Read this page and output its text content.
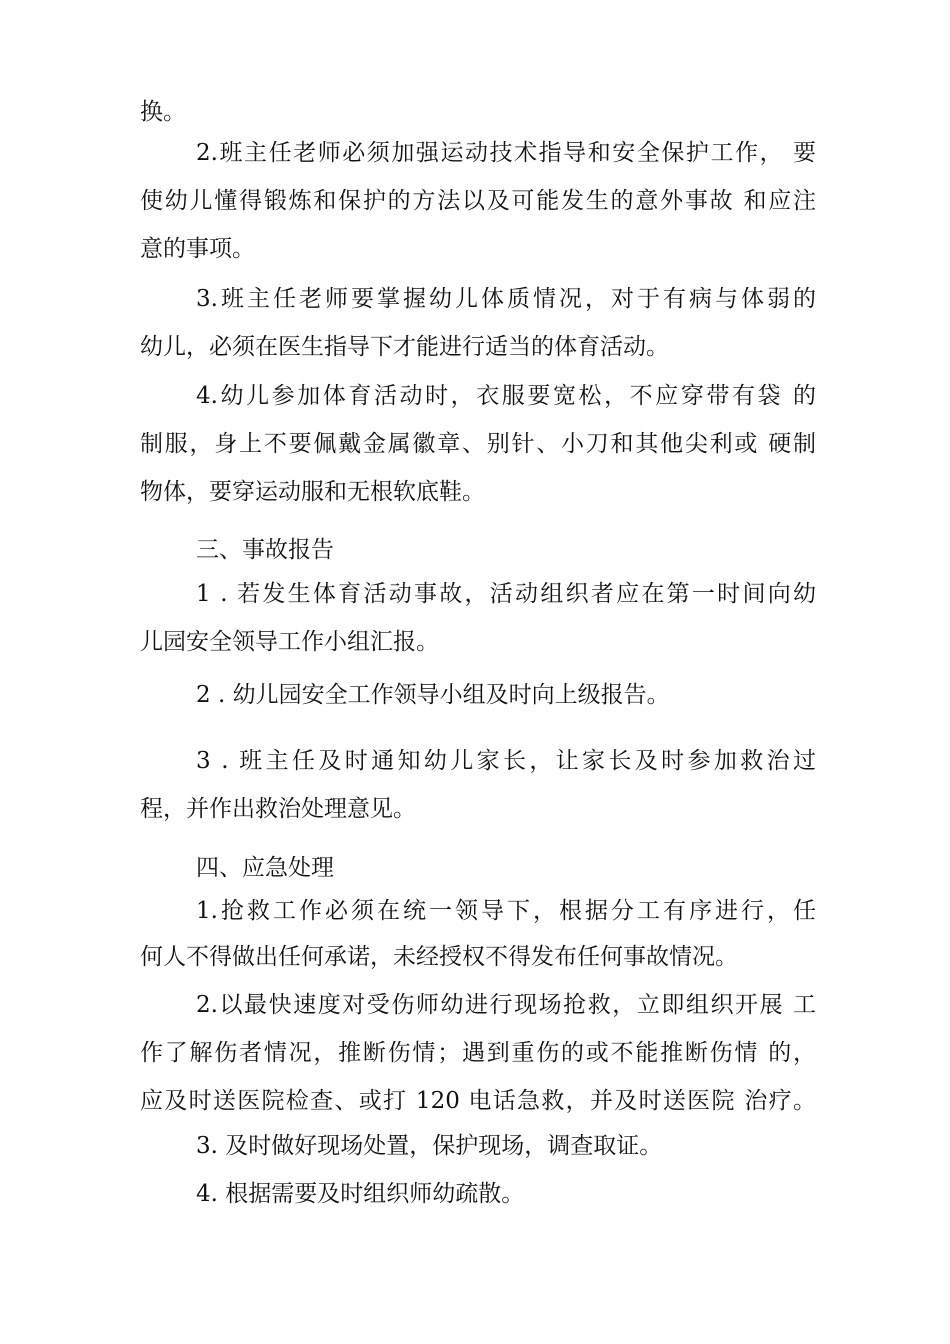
换。
2.班主任老师必须加强运动技术指导和安全保护工作， 要
使幼儿懂得锻炼和保护的方法以及可能发生的意外事故 和应注
意的事项。
3.班主任老师要掌握幼儿体质情况，对于有病与体弱的
幼儿，必须在医生指导下才能进行适当的体育活动。
4.幼儿参加体育活动时，衣服要宽松，不应穿带有袋 的
制服，身上不要佩戴金属徽章、别针、小刀和其他尖利或 硬制
物体，要穿运动服和无根软底鞋。
三、事故报告
1 . 若发生体育活动事故，活动组织者应在第一时间向幼
儿园安全领导工作小组汇报。
2 . 幼儿园安全工作领导小组及时向上级报告。
3 . 班主任及时通知幼儿家长，让家长及时参加救治过
程，并作出救治处理意见。
四、应急处理
1.抢救工作必须在统一领导下，根据分工有序进行，任
何人不得做出任何承诺，未经授权不得发布任何事故情况。
2.以最快速度对受伤师幼进行现场抢救，立即组织开展 工
作了解伤者情况，推断伤情；遇到重伤的或不能推断伤情 的，
应及时送医院检查、或打 120 电话急救，并及时送医院 治疗。
3. 及时做好现场处置，保护现场，调查取证。
4. 根据需要及时组织师幼疏散。
